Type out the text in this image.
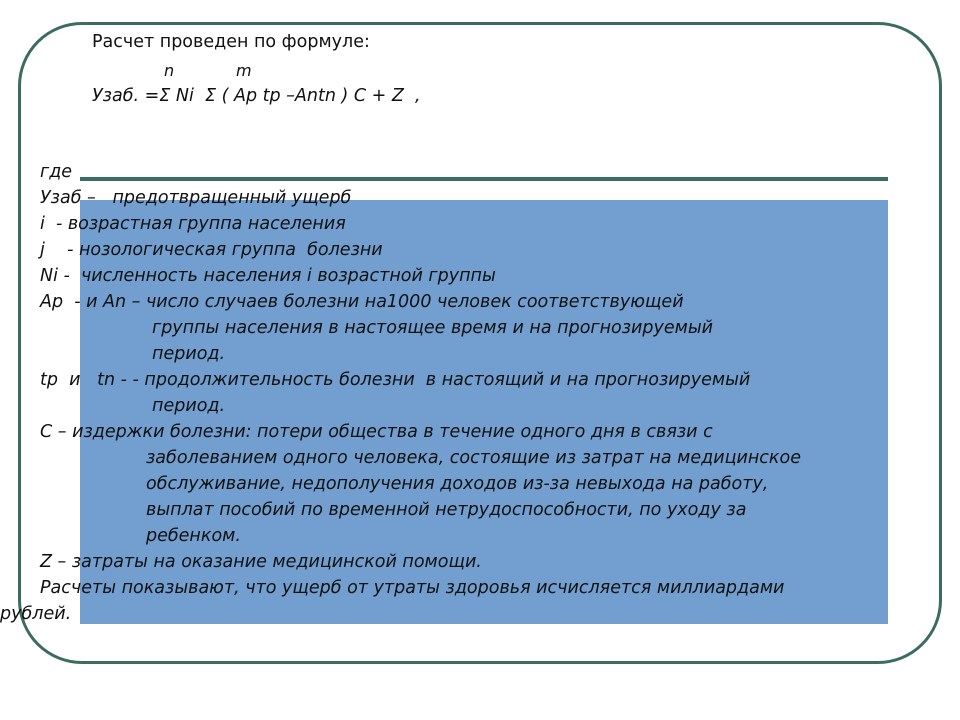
Расчет проведен по формуле:
n	m
Узаб. =Σ Ni  Σ ( Ap tp –Antn ) C + Z  ,
где
Узаб –   предотвращенный ущерб
i  - возрастная группа населения
j    - нозологическая группа  болезни
Ni -  численность населения i возрастной группы
Ap  - и An – число случаев болезни на1000 человек соответствующей
группы населения в настоящее время и на прогнозируемый
период.
tp  и   tn - - продолжительность болезни  в настоящий и на прогнозируемый
период.
C – издержки болезни: потери общества в течение одного дня в связи с
заболеванием одного человека, состоящие из затрат на медицинское
обслуживание, недополучения доходов из-за невыхода на работу,
выплат пособий по временной нетрудоспособности, по уходу за
ребенком.
Z – затраты на оказание медицинской помощи.
Расчеты показывают, что ущерб от утраты здоровья исчисляется миллиардами
рублей.
